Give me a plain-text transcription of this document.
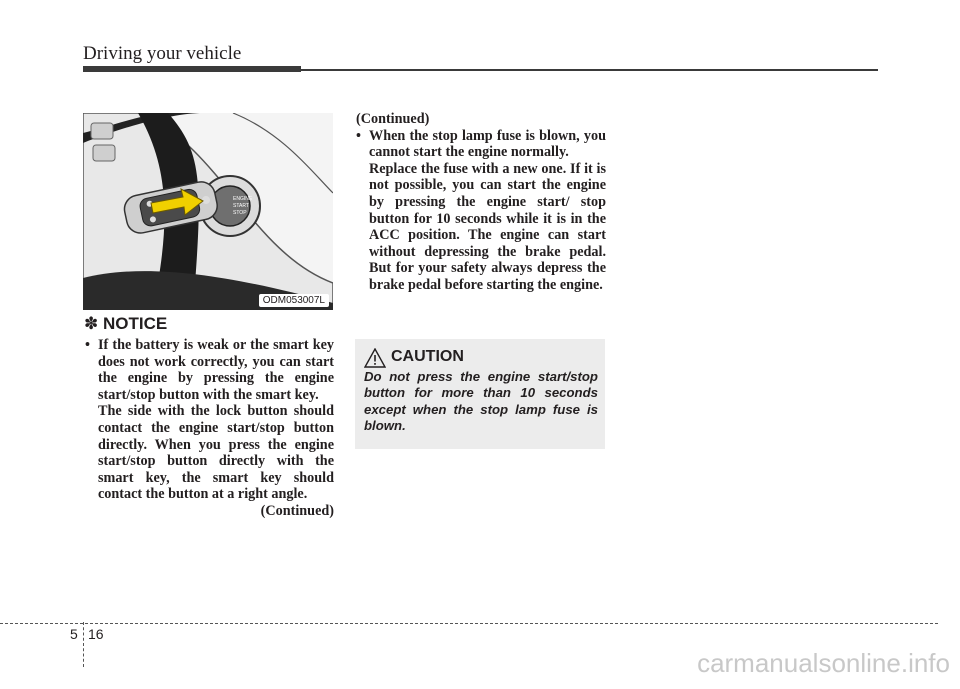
Driving your vehicle
ENGINE
START
STOP
ODM053007L
✽ NOTICE
• If the battery is weak or the smart key does not work correctly, you can start the engine by pressing the engine start/stop button with the smart key.

The side with the lock button should contact the engine start/stop button directly. When you press the engine start/stop button directly with the smart key, the smart key should contact the button at a right angle.

(Continued)

(Continued)

• When the stop lamp fuse is blown, you cannot start the engine normally.

Replace the fuse with a new one. If it is not possible, you can start the engine by pressing the engine start/ stop button for 10 seconds while it is in the ACC position. The engine can start without depressing the brake pedal. But for your safety always depress the brake pedal before starting the engine.

CAUTION
Do not press the engine start/stop button for more than 10 seconds except when the stop lamp fuse is blown.
5 16
carmanualsonline.info
